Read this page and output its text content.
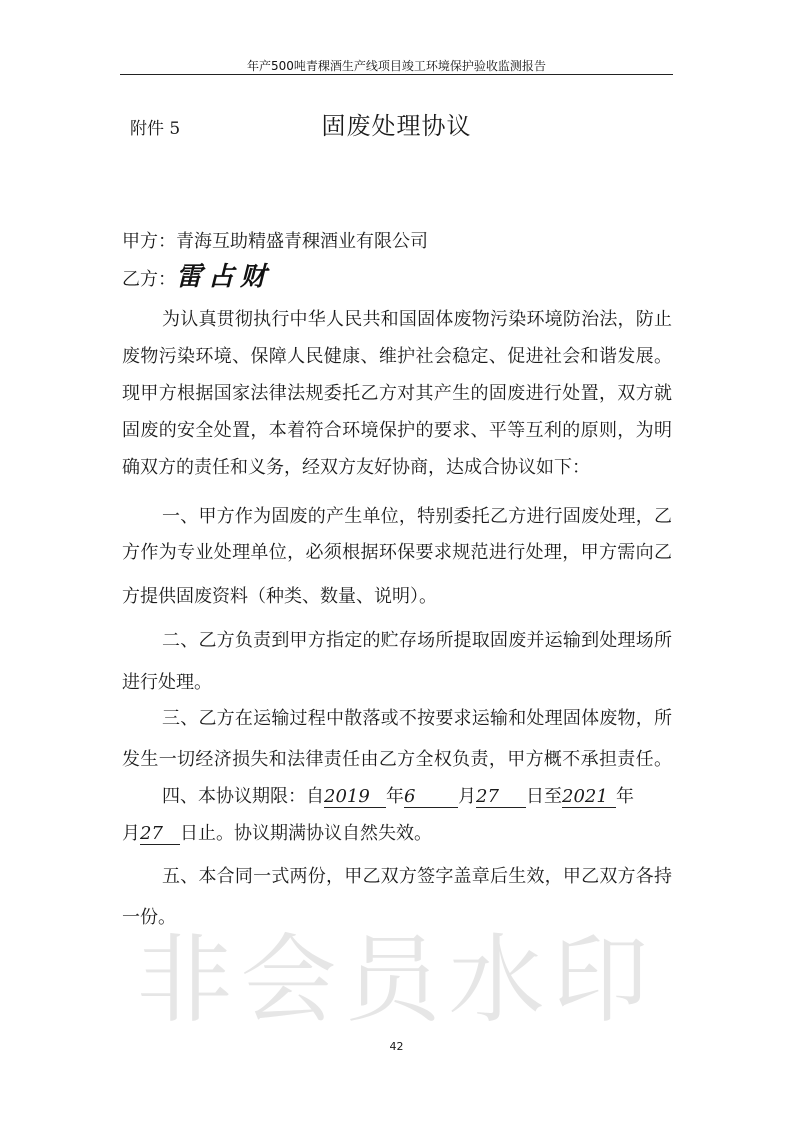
非会员水印
年产500吨青稞酒生产线项目竣工环境保护验收监测报告
附件 5	固废处理协议
甲方：青海互助精盛青稞酒业有限公司
乙方：雷占财
为认真贯彻执行中华人民共和国固体废物污染环境防治法，防止
废物污染环境、保障人民健康、维护社会稳定、促进社会和谐发展。
现甲方根据国家法律法规委托乙方对其产生的固废进行处置，双方就
固废的安全处置，本着符合环境保护的要求、平等互利的原则，为明
确双方的责任和义务，经双方友好协商，达成合协议如下：
一、甲方作为固废的产生单位，特别委托乙方进行固废处理，乙
方作为专业处理单位，必须根据环保要求规范进行处理，甲方需向乙
方提供固废资料（种类、数量、说明）。
二、乙方负责到甲方指定的贮存场所提取固废并运输到处理场所
进行处理。
三、乙方在运输过程中散落或不按要求运输和处理固体废物，所
发生一切经济损失和法律责任由乙方全权负责，甲方概不承担责任。
四、本协议期限：自2019 年6 月27 日至2021 年
月27 日止。协议期满协议自然失效。
五、本合同一式两份，甲乙双方签字盖章后生效，甲乙双方各持
一份。
42
